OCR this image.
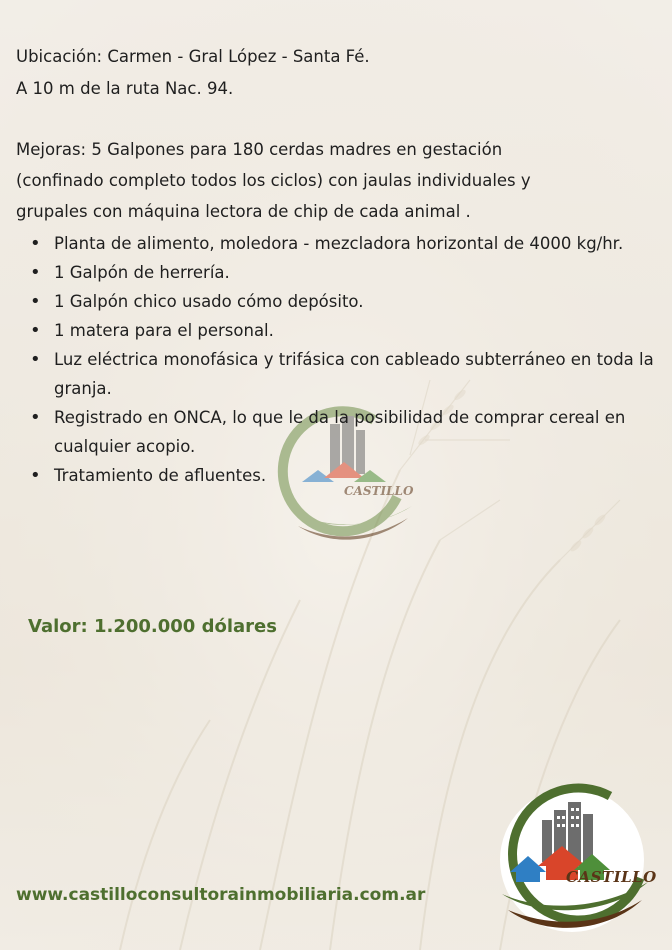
CASTILLO
Ubicación: Carmen - Gral López - Santa Fé.
A 10 m de la ruta Nac. 94.
Mejoras: 5 Galpones para 180 cerdas madres en gestación
(confinado completo todos los ciclos) con jaulas individuales y
grupales con máquina lectora de chip de cada animal .
• Planta de alimento, moledora - mezcladora horizontal de 4000 kg/hr.
• 1 Galpón de herrería.
• 1 Galpón chico usado cómo depósito.
• 1 matera para el personal.
• Luz eléctrica monofásica y trifásica con cableado subterráneo en toda la granja.
• Registrado en ONCA, lo que le da la posibilidad de comprar cereal en cualquier acopio.
• Tratamiento de afluentes.
Valor: 1.200.000 dólares
www.castilloconsultorainmobiliaria.com.ar
CASTILLO
